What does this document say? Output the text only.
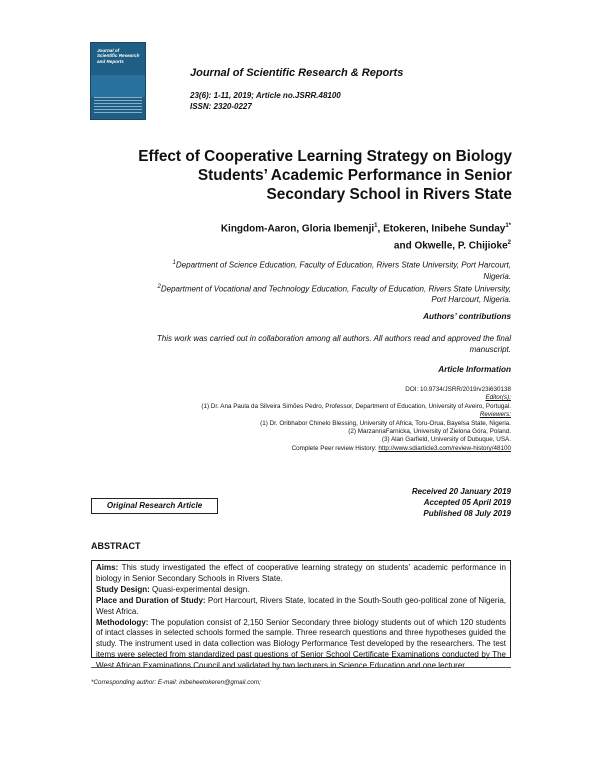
Journal of
Scientific Research
and Reports
Journal of Scientific Research & Reports
23(6): 1-11, 2019; Article no.JSRR.48100
ISSN: 2320-0227
Effect of Cooperative Learning Strategy on Biology
Students’ Academic Performance in Senior
Secondary School in Rivers State
Kingdom-Aaron, Gloria Ibemenji$^1$, Etokeren, Inibehe Sunday$^{1*}$
and Okwelle, P. Chijioke$^2$
$^1$Department of Science Education, Faculty of Education, Rivers State University, Port Harcourt,
Nigeria.
$^2$Department of Vocational and Technology Education, Faculty of Education, Rivers State University,
Port Harcourt, Nigeria.
Authors’ contributions
This work was carried out in collaboration among all authors. All authors read and approved the final
manuscript.
Article Information
DOI: 10.9734/JSRR/2019/v23i630138
Editor(s):
(1) Dr. Ana Paula da Silveira Simões Pedro, Professor, Department of Education, University of Aveiro, Portugal.
Reviewers:
(1) Dr. Oribhabor Chinelo Blessing, University of Africa, Toru-Orua, Bayelsa State, Nigeria.
(2) MarzannaFarnicka, University of Zielona Góra, Poland.
(3) Alan Garfield, University of Dubuque, USA.
Complete Peer review History: http://www.sdiarticle3.com/review-history/48100
Original Research Article
Received 20 January 2019
Accepted 05 April 2019
Published 08 July 2019
ABSTRACT
Aims: This study investigated the effect of cooperative learning strategy on students’ academic performance in biology in Senior Secondary Schools in Rivers State.
Study Design: Quasi-experimental design.
Place and Duration of Study: Port Harcourt, Rivers State, located in the South-South geo-political zone of Nigeria, West Africa.
Methodology: The population consist of 2,150 Senior Secondary three biology students out of which 120 students of intact classes in selected schools formed the sample. Three research questions and three hypotheses guided the study. The instrument used in data collection was Biology Performance Test developed by the researchers. The test items were selected from standardized past questions of Senior School Certificate Examinations conducted by The West African Examinations Council and validated by two lecturers in Science Education and one lecturer
*Corresponding author: E-mail: inibeheetokeren@gmail.com;
